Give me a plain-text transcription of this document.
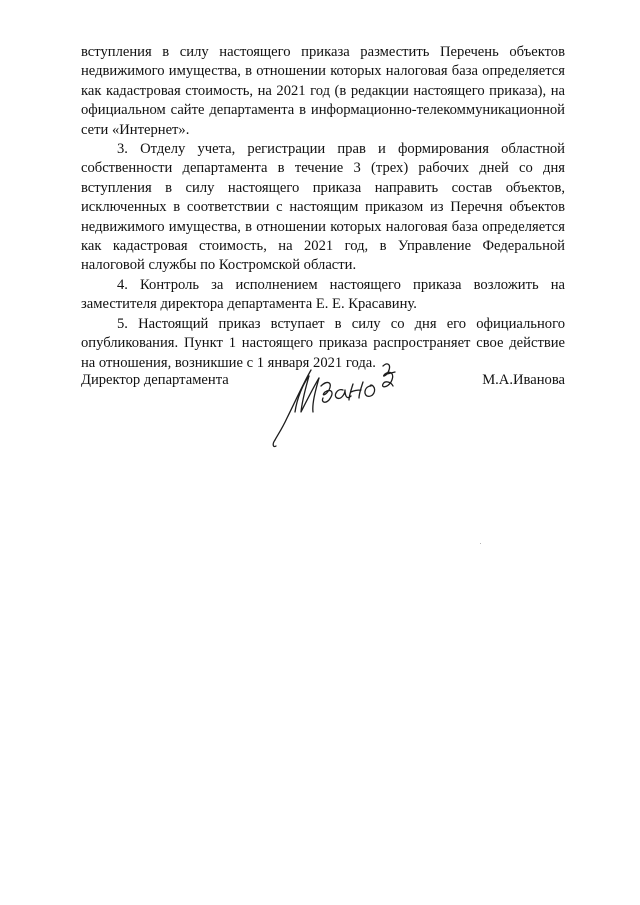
вступления в силу настоящего приказа разместить Перечень объектов недвижимого имущества, в отношении которых налоговая база определяется как кадастровая стоимость, на 2021 год (в редакции настоящего приказа), на официальном сайте департамента в информационно-телекоммуникационной сети «Интернет».

3. Отделу учета, регистрации прав и формирования областной собственности департамента в течение 3 (трех) рабочих дней со дня вступления в силу настоящего приказа направить состав объектов, исключенных в соответствии с настоящим приказом из Перечня объектов недвижимого имущества, в отношении которых налоговая база определяется как кадастровая стоимость, на 2021 год, в Управление Федеральной налоговой службы по Костромской области.

4. Контроль за исполнением настоящего приказа возложить на заместителя директора департамента Е. Е. Красавину.

5. Настоящий приказ вступает в силу со дня его официального опубликования. Пункт 1 настоящего приказа распространяет свое действие на отношения, возникшие с 1 января 2021 года.

Директор департамента	М.А.Иванова
